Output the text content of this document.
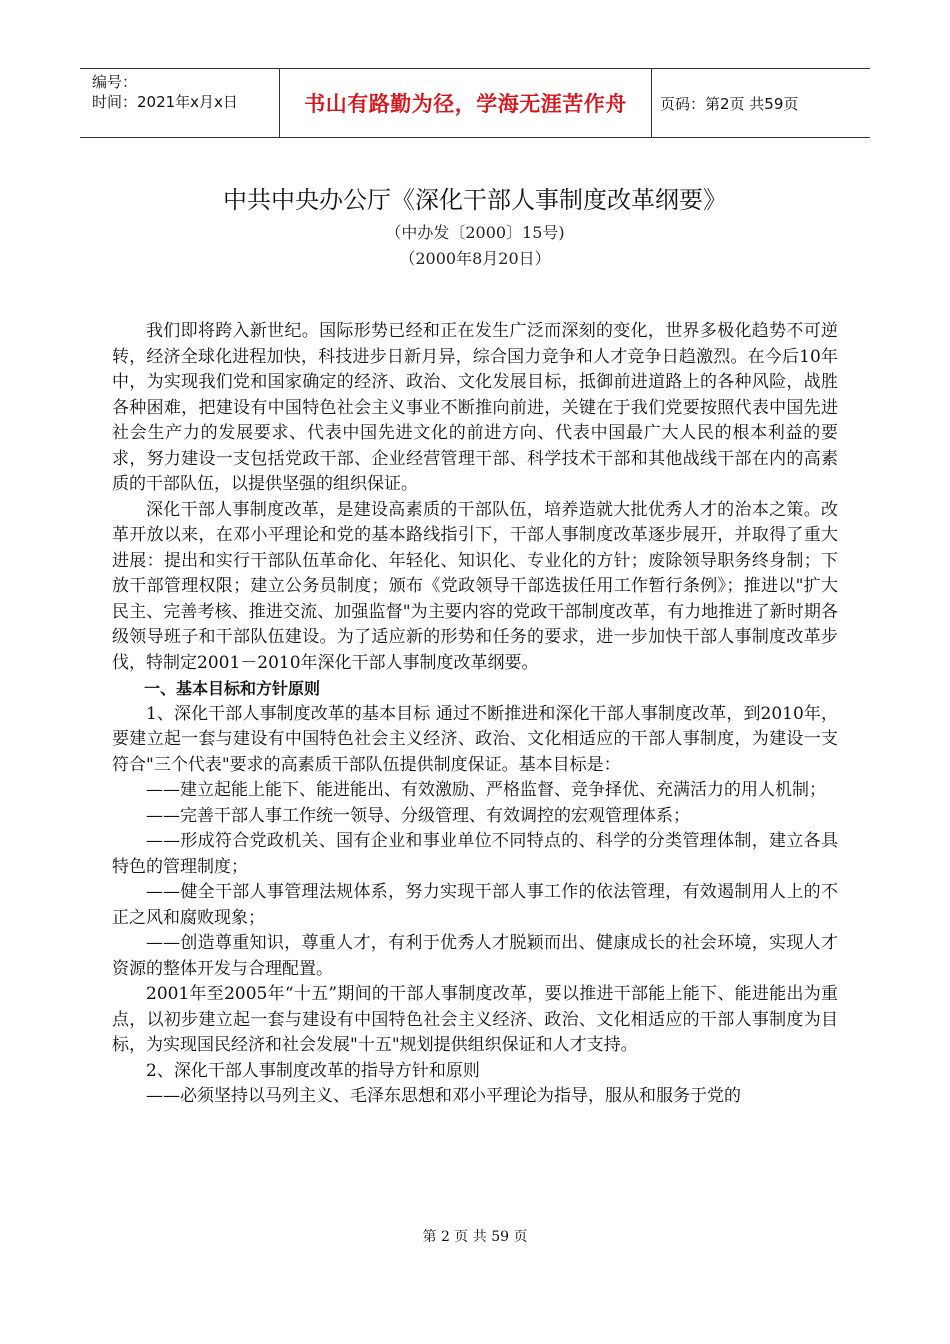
编号：
时间：2021年x月x日	书山有路勤为径，学海无涯苦作舟	页码：第2页 共59页
中共中央办公厅《深化干部人事制度改革纲要》
（中办发〔2000〕15号)
（2000年8月20日）

我们即将跨入新世纪。国际形势已经和正在发生广泛而深刻的变化，世界多极化趋势不可逆转，经济全球化进程加快，科技进步日新月异，综合国力竞争和人才竞争日趋激烈。在今后10年中，为实现我们党和国家确定的经济、政治、文化发展目标，抵御前进道路上的各种风险，战胜各种困难，把建设有中国特色社会主义事业不断推向前进，关键在于我们党要按照代表中国先进社会生产力的发展要求、代表中国先进文化的前进方向、代表中国最广大人民的根本利益的要求，努力建设一支包括党政干部、企业经营管理干部、科学技术干部和其他战线干部在内的高素质的干部队伍，以提供坚强的组织保证。

深化干部人事制度改革，是建设高素质的干部队伍，培养造就大批优秀人才的治本之策。改革开放以来，在邓小平理论和党的基本路线指引下，干部人事制度改革逐步展开，并取得了重大进展：提出和实行干部队伍革命化、年轻化、知识化、专业化的方针；废除领导职务终身制；下放干部管理权限；建立公务员制度；颁布《党政领导干部选拔任用工作暂行条例》；推进以"扩大民主、完善考核、推进交流、加强监督"为主要内容的党政干部制度改革，有力地推进了新时期各级领导班子和干部队伍建设。为了适应新的形势和任务的要求，进一步加快干部人事制度改革步伐，特制定2001－2010年深化干部人事制度改革纲要。

一、基本目标和方针原则

1、深化干部人事制度改革的基本目标 通过不断推进和深化干部人事制度改革，到2010年，要建立起一套与建设有中国特色社会主义经济、政治、文化相适应的干部人事制度，为建设一支符合"三个代表"要求的高素质干部队伍提供制度保证。基本目标是：

——建立起能上能下、能进能出、有效激励、严格监督、竞争择优、充满活力的用人机制；

——完善干部人事工作统一领导、分级管理、有效调控的宏观管理体系；

——形成符合党政机关、国有企业和事业单位不同特点的、科学的分类管理体制，建立各具特色的管理制度；

——健全干部人事管理法规体系，努力实现干部人事工作的依法管理，有效遏制用人上的不正之风和腐败现象；

——创造尊重知识，尊重人才，有利于优秀人才脱颖而出、健康成长的社会环境，实现人才资源的整体开发与合理配置。

2001年至2005年“十五”期间的干部人事制度改革，要以推进干部能上能下、能进能出为重点，以初步建立起一套与建设有中国特色社会主义经济、政治、文化相适应的干部人事制度为目标，为实现国民经济和社会发展"十五"规划提供组织保证和人才支持。

2、深化干部人事制度改革的指导方针和原则

——必须坚持以马列主义、毛泽东思想和邓小平理论为指导，服从和服务于党的

第 2 页 共 59 页
